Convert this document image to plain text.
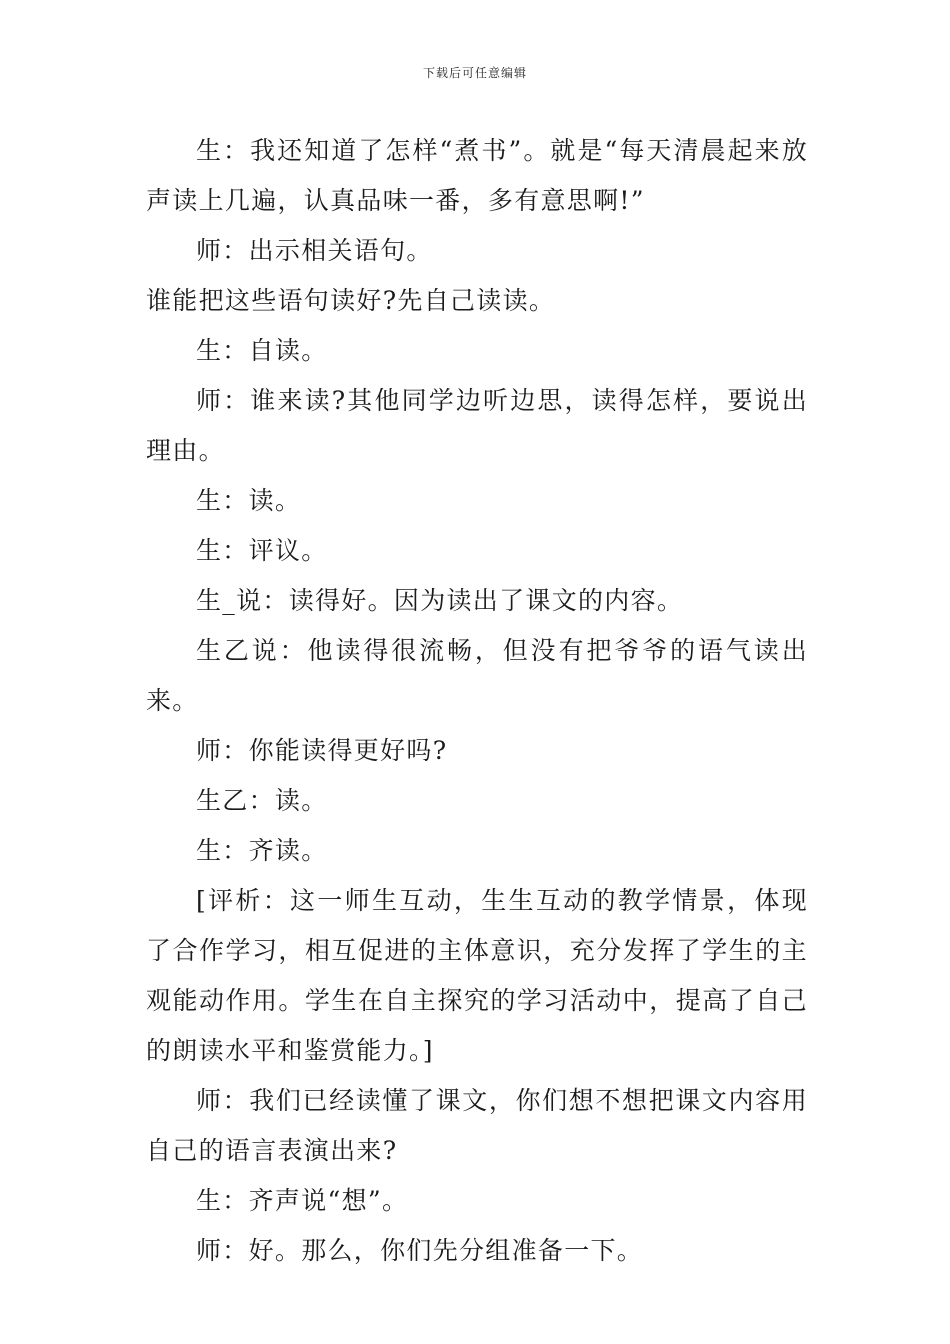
下载后可任意编辑

生：我还知道了怎样“煮书”。就是“每天清晨起来放声读上几遍，认真品味一番，多有意思啊!”

师：出示相关语句。

谁能把这些语句读好?先自己读读。

生：自读。

师：谁来读?其他同学边听边思，读得怎样，要说出理由。

生：读。

生：评议。

生_说：读得好。因为读出了课文的内容。

生乙说：他读得很流畅，但没有把爷爷的语气读出来。

师：你能读得更好吗?

生乙：读。

生：齐读。

[评析：这一师生互动，生生互动的教学情景，体现了合作学习，相互促进的主体意识，充分发挥了学生的主观能动作用。学生在自主探究的学习活动中，提高了自己的朗读水平和鉴赏能力。]

师：我们已经读懂了课文，你们想不想把课文内容用自己的语言表演出来?

生：齐声说“想”。

师：好。那么，你们先分组准备一下。
